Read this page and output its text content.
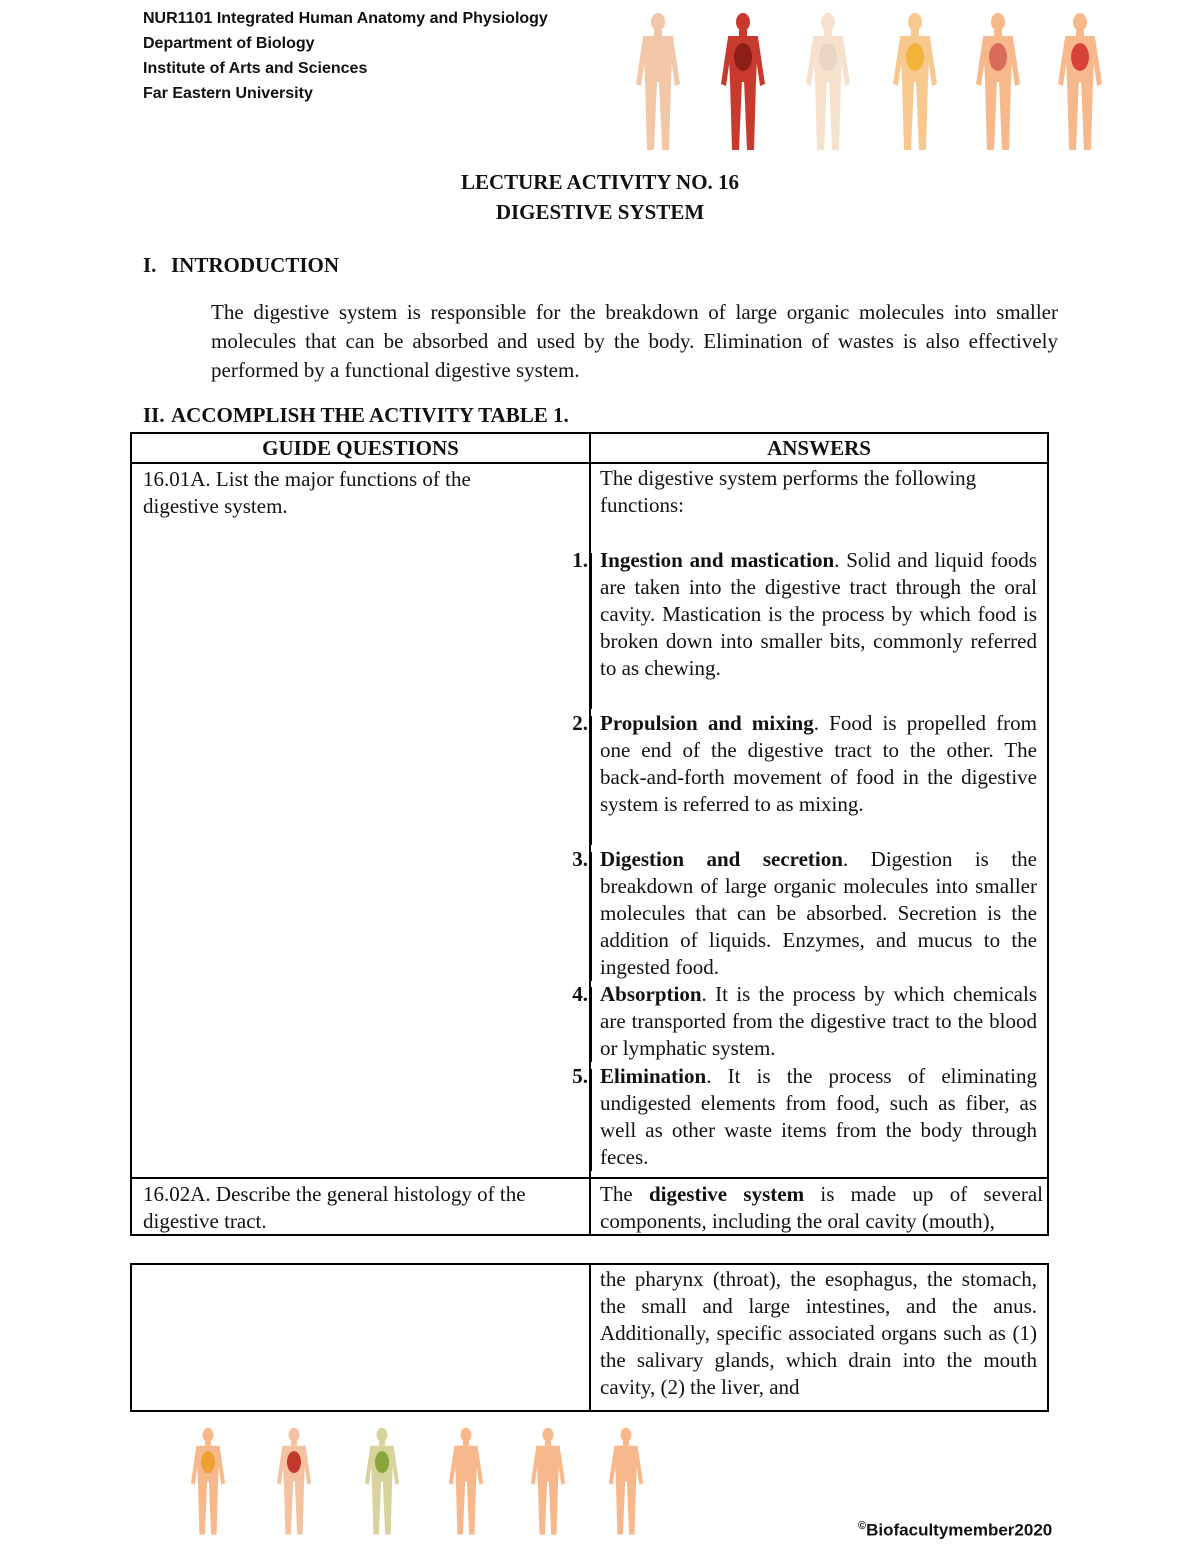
NUR1101 Integrated Human Anatomy and Physiology
Department of Biology
Institute of Arts and Sciences
Far Eastern University
LECTURE ACTIVITY NO. 16
DIGESTIVE SYSTEM
I. INTRODUCTION
The digestive system is responsible for the breakdown of large organic molecules into smaller molecules that can be absorbed and used by the body. Elimination of wastes is also effectively performed by a functional digestive system.
II. ACCOMPLISH THE ACTIVITY TABLE 1.
GUIDE QUESTIONS	ANSWERS
16.01A. List the major functions of the digestive system.
The digestive system performs the following functions:
1. Ingestion and mastication. Solid and liquid foods are taken into the digestive tract through the oral cavity. Mastication is the process by which food is broken down into smaller bits, commonly referred to as chewing.
2. Propulsion and mixing. Food is propelled from one end of the digestive tract to the other. The back-and-forth movement of food in the digestive system is referred to as mixing.
3. Digestion and secretion. Digestion is the breakdown of large organic molecules into smaller molecules that can be absorbed. Secretion is the addition of liquids. Enzymes, and mucus to the ingested food.
4. Absorption. It is the process by which chemicals are transported from the digestive tract to the blood or lymphatic system.
5. Elimination. It is the process of eliminating undigested elements from food, such as fiber, as well as other waste items from the body through feces.
16.02A. Describe the general histology of the digestive tract.
The digestive system is made up of several components, including the oral cavity (mouth),
the pharynx (throat), the esophagus, the stomach, the small and large intestines, and the anus. Additionally, specific associated organs such as (1) the salivary glands, which drain into the mouth cavity, (2) the liver, and
©Biofacultymember2020
